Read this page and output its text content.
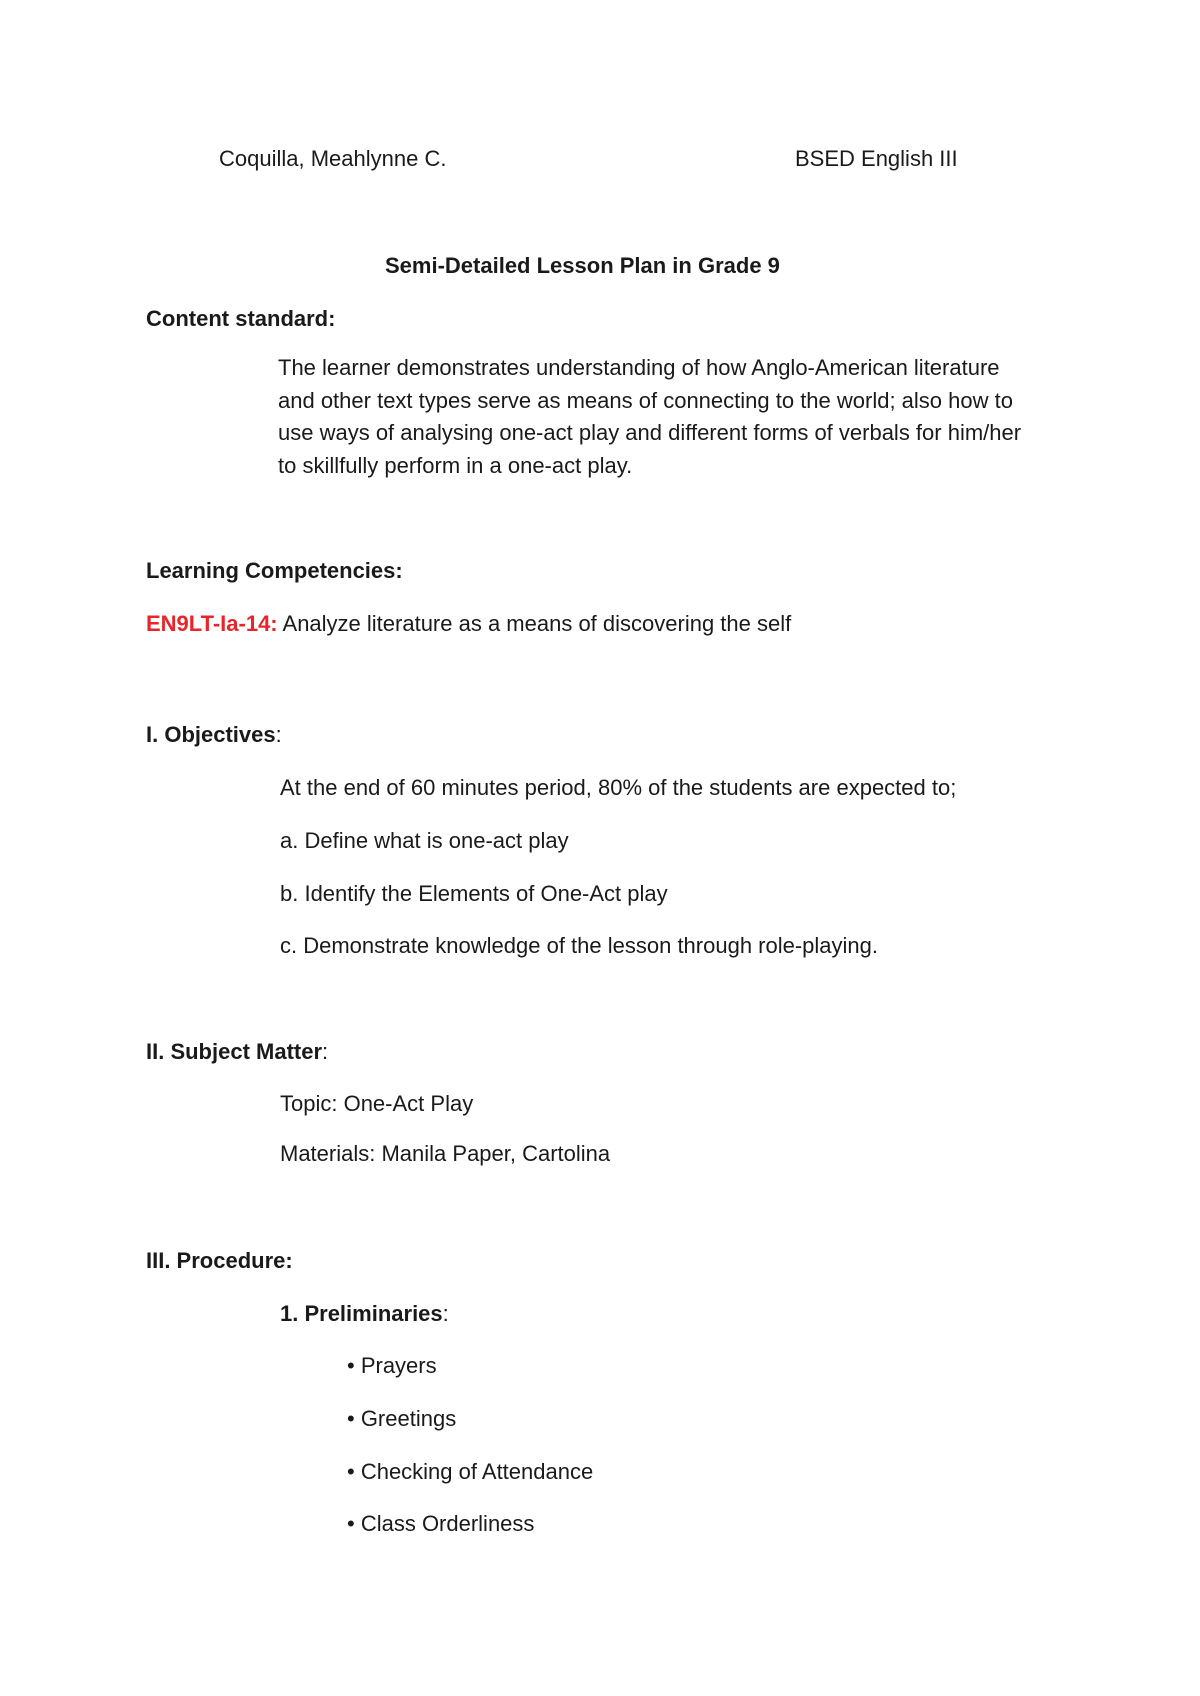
Coquilla, Meahlynne C.	BSED English III
Semi-Detailed Lesson Plan in Grade 9
Content standard:
The learner demonstrates understanding of how Anglo-American literature and other text types serve as means of connecting to the world; also how to use ways of analysing one-act play and different forms of verbals for him/her to skillfully perform in a one-act play.
Learning Competencies:
EN9LT-Ia-14: Analyze literature as a means of discovering the self
I. Objectives:
At the end of 60 minutes period, 80% of the students are expected to;
a. Define what is one-act play
b. Identify the Elements of One-Act play
c. Demonstrate knowledge of the lesson through role-playing.
II. Subject Matter:
Topic: One-Act Play
Materials: Manila Paper, Cartolina
III. Procedure:
1. Preliminaries:
• Prayers
• Greetings
• Checking of Attendance
• Class Orderliness
